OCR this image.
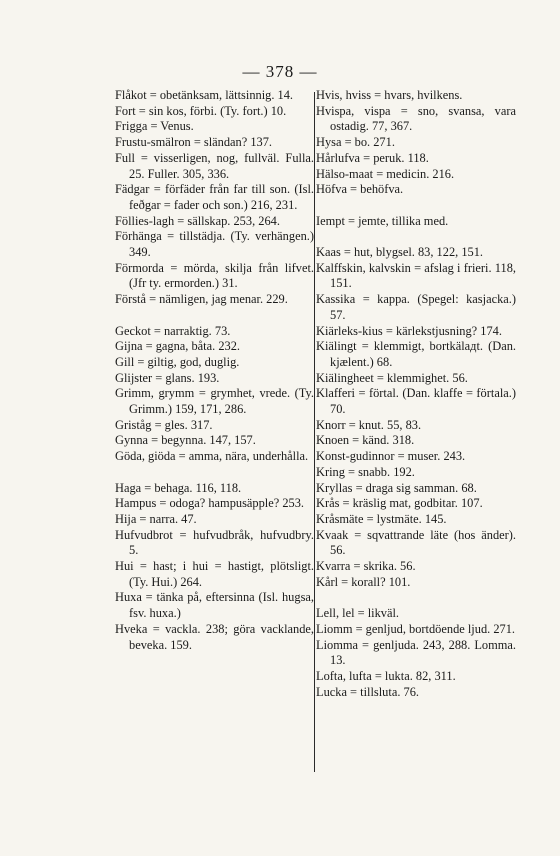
— 378 —
Flåkot = obetänksam, lättsinnig. 14.
Fort = sin kos, förbi. (Ty. fort.) 10.
Frigga = Venus.
Frustu-smälron = sländan? 137.
Full = visserligen, nog, fullväl. Fulla. 25. Fuller. 305, 336.
Fädgar = förfäder från far till son. (Isl. feðgar = fader och son.) 216, 231.
Föllies-lagh = sällskap. 253, 264.
Förhänga = tillstädja. (Ty. verhängen.) 349.
Förmorda = mörda, skilja från lifvet. (Jfr ty. ermorden.) 31.
Förstå = nämligen, jag menar. 229.
Geckot = narraktig. 73.
Gijna = gagna, båta. 232.
Gill = giltig, god, duglig.
Glijster = glans. 193.
Grimm, grymm = grymhet, vrede. (Ty. Grimm.) 159, 171, 286.
Griståg = gles. 317.
Gynna = begynna. 147, 157.
Göda, giöda = amma, nära, underhålla.
Haga = behaga. 116, 118.
Hampus = odoga? hampusäpple? 253.
Hija = narra. 47.
Hufvudbrot = hufvudbråk, hufvudbry. 5.
Hui = hast; i hui = hastigt, plötsligt. (Ty. Hui.) 264.
Huxa = tänka på, eftersinna (Isl. hugsa, fsv. huxa.)
Hveka = vackla. 238; göra vacklande, beveka. 159.
Hvis, hviss = hvars, hvilkens.
Hvispa, vispa = sno, svansa, vara ostadig. 77, 367.
Hysa = bo. 271.
Hårlufva = peruk. 118.
Hälso-maat = medicin. 216.
Höfva = behöfva.
Iempt = jemte, tillika med.
Kaas = hut, blygsel. 83, 122, 151.
Kalffskin, kalvskin = afslag i frieri. 118, 151.
Kassika = kappa. (Spegel: kasjacka.) 57.
Kiärleks-kius = kärlekstjusning? 174.
Kiälingt = klemmigt, bortkälадt. (Dan. kjælent.) 68.
Kiälingheet = klemmighet. 56.
Klafferi = förtal. (Dan. klaffe = förtala.) 70.
Knorr = knut. 55, 83.
Knoen = känd. 318.
Konst-gudinnor = muser. 243.
Kring = snabb. 192.
Kryllas = draga sig samman. 68.
Krås = kräslig mat, godbitar. 107.
Kråsmäte = lystmäte. 145.
Kvaak = sqvattrande läte (hos änder). 56.
Kvarra = skrika. 56.
Kårl = korall? 101.
Lell, lel = likväl.
Liomm = genljud, bortdöende ljud. 271.
Liomma = genljuda. 243, 288. Lomma. 13.
Lofta, lufta = lukta. 82, 311.
Lucka = tillsluta. 76.
